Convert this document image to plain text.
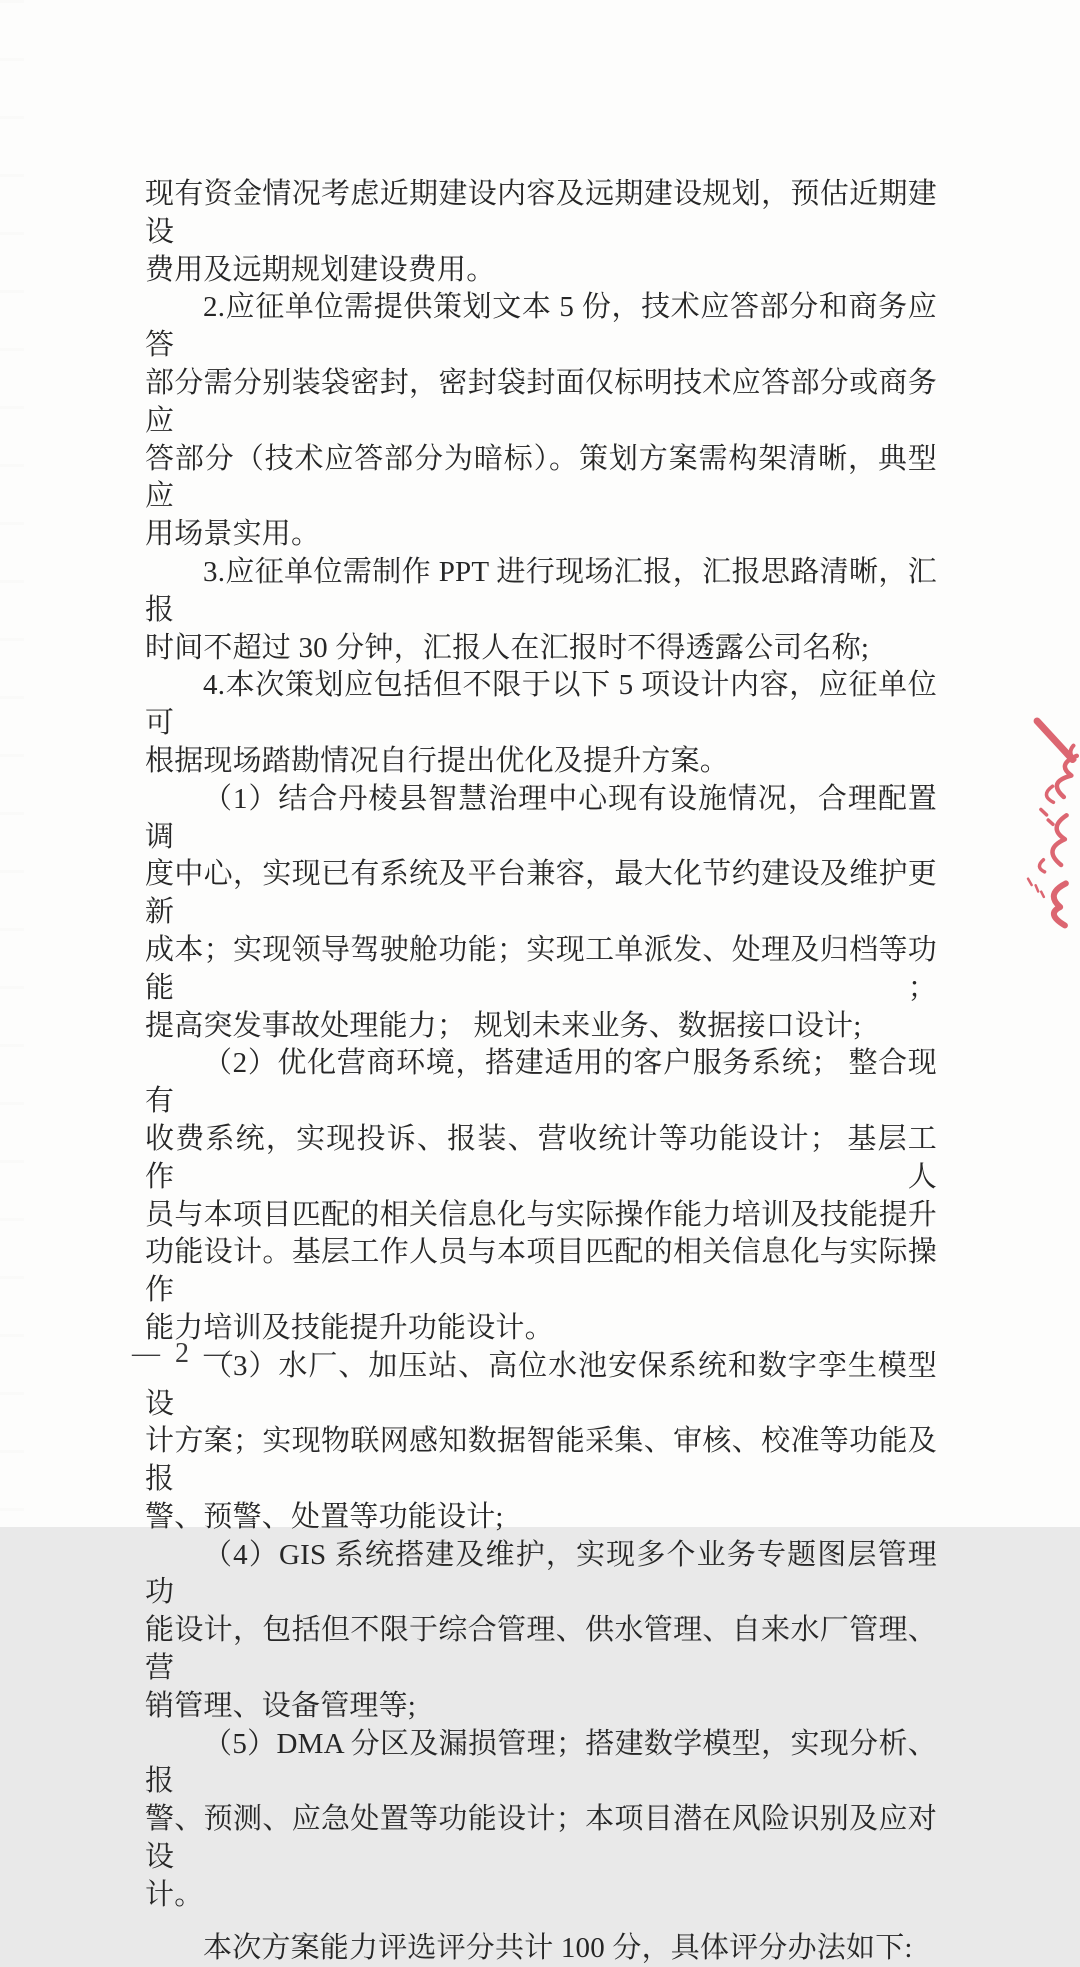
现有资金情况考虑近期建设内容及远期建设规划，预估近期建设
费用及远期规划建设费用。
2.应征单位需提供策划文本 5 份，技术应答部分和商务应答
部分需分别装袋密封，密封袋封面仅标明技术应答部分或商务应
答部分（技术应答部分为暗标）。策划方案需构架清晰，典型应
用场景实用。
3.应征单位需制作 PPT 进行现场汇报，汇报思路清晰，汇报
时间不超过 30 分钟，汇报人在汇报时不得透露公司名称;
4.本次策划应包括但不限于以下 5 项设计内容，应征单位可
根据现场踏勘情况自行提出优化及提升方案。
（1）结合丹棱县智慧治理中心现有设施情况，合理配置调
度中心，实现已有系统及平台兼容，最大化节约建设及维护更新
成本；实现领导驾驶舱功能；实现工单派发、处理及归档等功能；
提高突发事故处理能力； 规划未来业务、数据接口设计;
（2）优化营商环境，搭建适用的客户服务系统； 整合现有
收费系统，实现投诉、报装、营收统计等功能设计； 基层工作人
员与本项目匹配的相关信息化与实际操作能力培训及技能提升
功能设计。基层工作人员与本项目匹配的相关信息化与实际操作
能力培训及技能提升功能设计。
（3）水厂、加压站、高位水池安保系统和数字孪生模型设
计方案；实现物联网感知数据智能采集、审核、校准等功能及报
警、预警、处置等功能设计;
（4）GIS 系统搭建及维护，实现多个业务专题图层管理功
能设计，包括但不限于综合管理、供水管理、自来水厂管理、营
销管理、设备管理等;
（5）DMA 分区及漏损管理；搭建数学模型，实现分析、报
警、预测、应急处置等功能设计；本项目潜在风险识别及应对设
计。
本次方案能力评选评分共计 100 分，具体评分办法如下:
— 2 —
